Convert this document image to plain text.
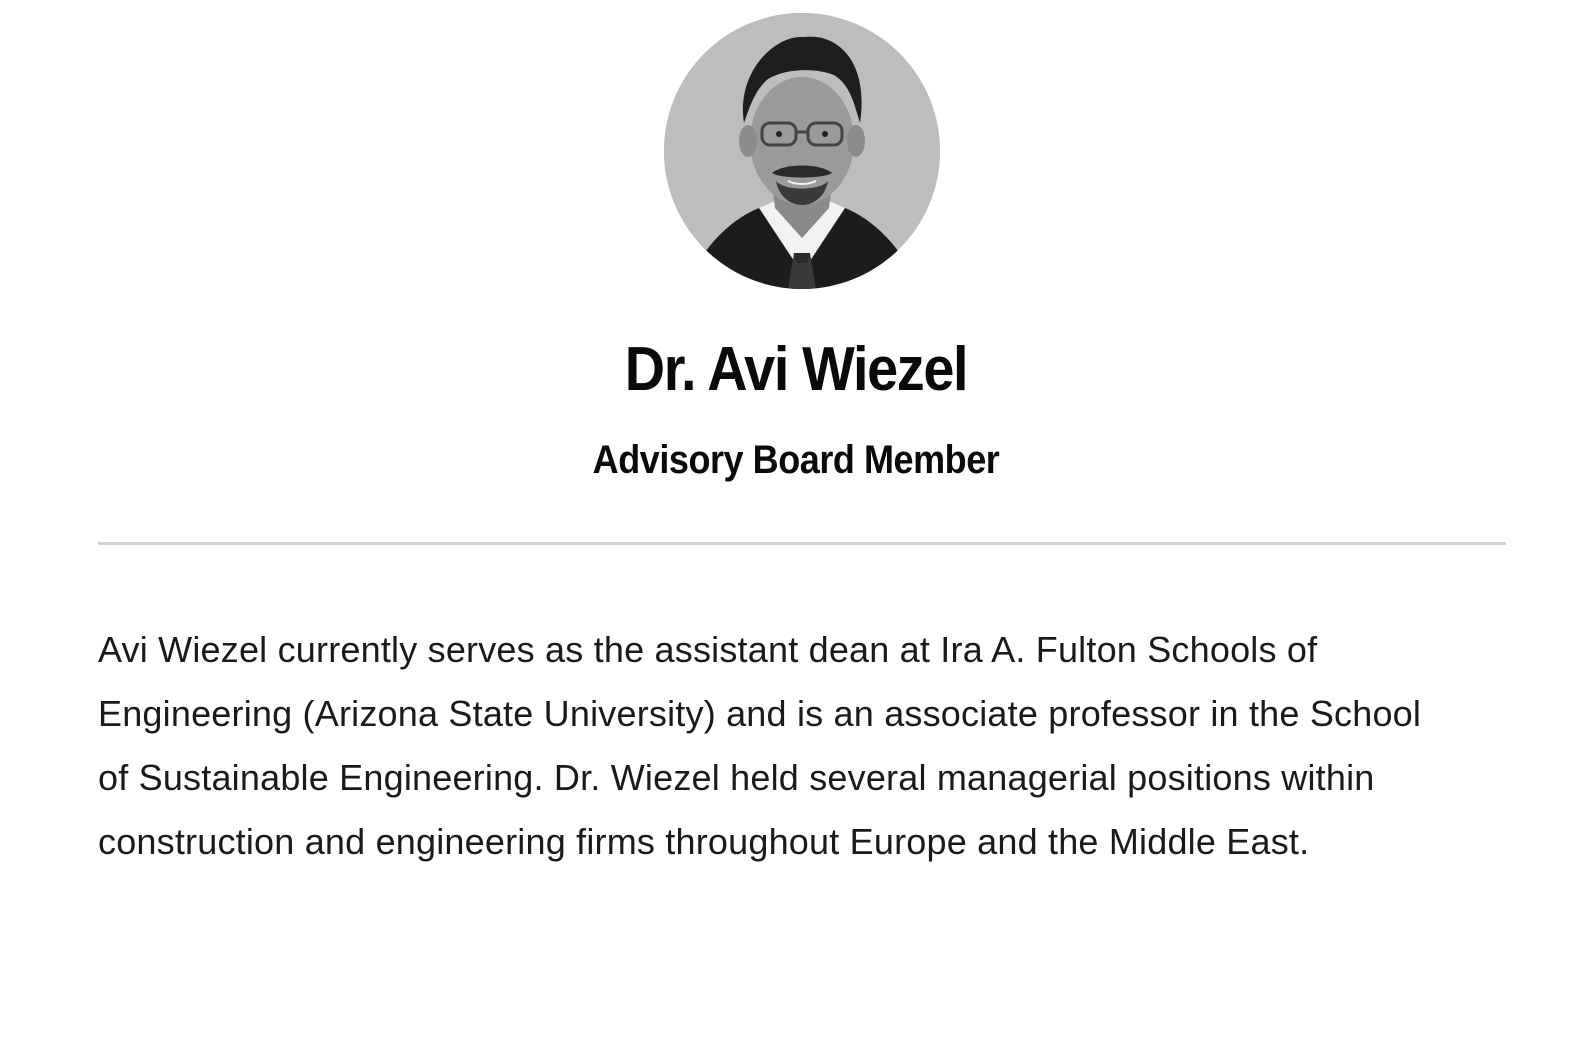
Dr. Avi Wiezel
Advisory Board Member

Avi Wiezel currently serves as the assistant dean at Ira A. Fulton Schools of
Engineering (Arizona State University) and is an associate professor in the School
of Sustainable Engineering. Dr. Wiezel held several managerial positions within
construction and engineering firms throughout Europe and the Middle East.
